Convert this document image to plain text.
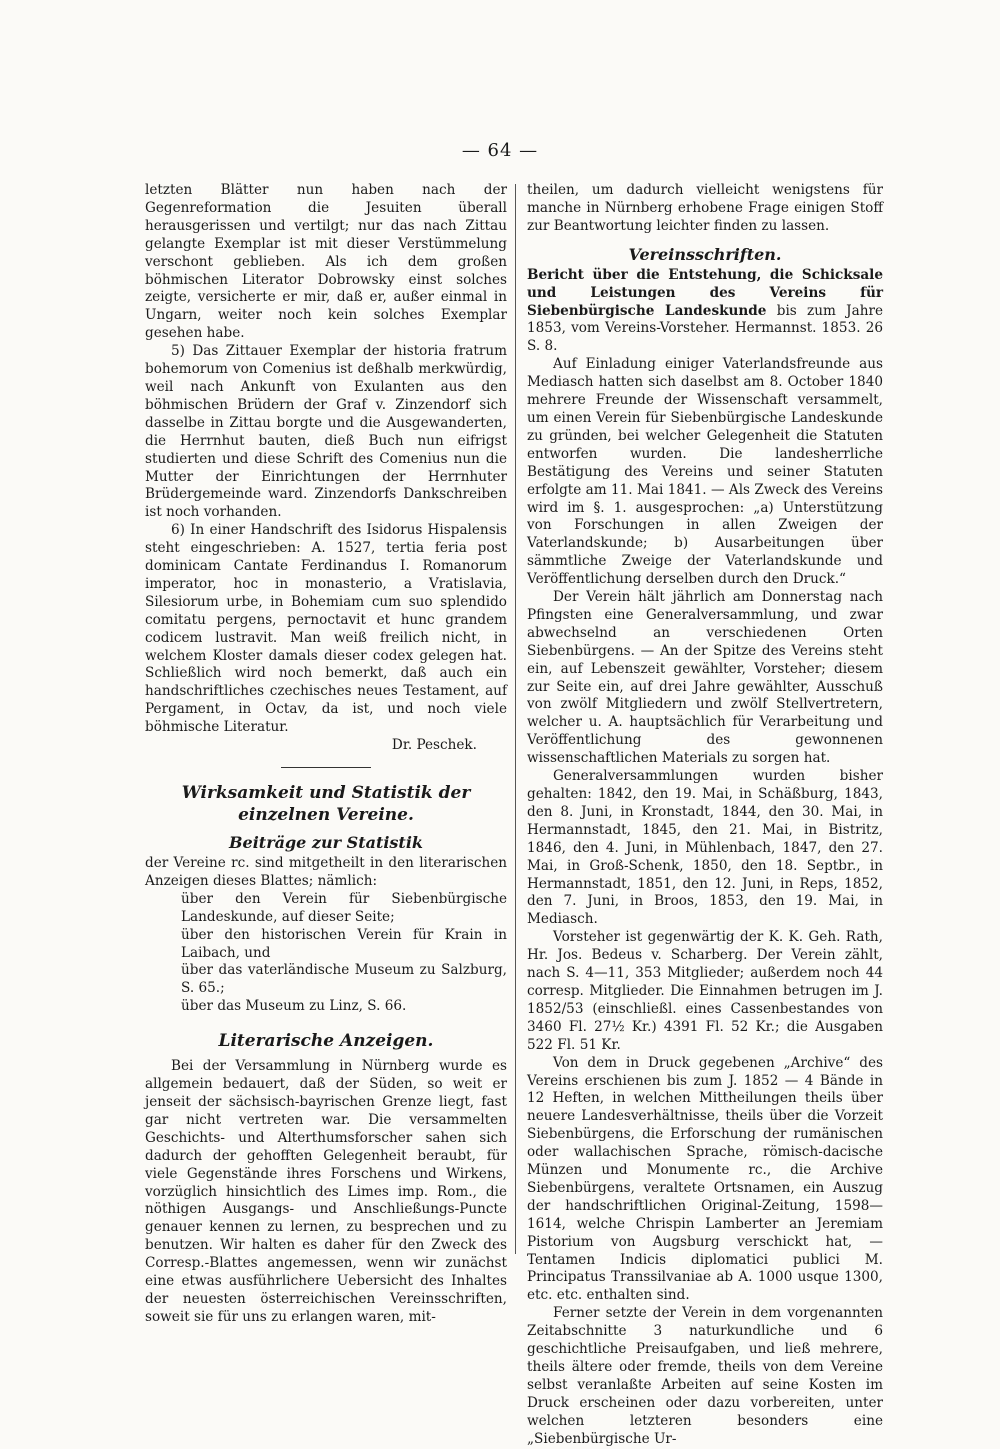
— 64 —

letzten Blätter nun haben nach der Gegenreformation die Jesuiten überall herausgerissen und vertilgt; nur das nach Zittau gelangte Exemplar ist mit dieser Verstümmelung verschont geblieben. Als ich dem großen böhmischen Literator Dobrowsky einst solches zeigte, versicherte er mir, daß er, außer einmal in Ungarn, weiter noch kein solches Exemplar gesehen habe.

5) Das Zittauer Exemplar der historia fratrum bohemorum von Comenius ist deßhalb merkwürdig, weil nach Ankunft von Exulanten aus den böhmischen Brüdern der Graf v. Zinzendorf sich dasselbe in Zittau borgte und die Ausgewanderten, die Herrnhut bauten, dieß Buch nun eifrigst studierten und diese Schrift des Comenius nun die Mutter der Einrichtungen der Herrnhuter Brüdergemeinde ward. Zinzendorfs Dankschreiben ist noch vorhanden.

6) In einer Handschrift des Isidorus Hispalensis steht eingeschrieben: A. 1527, tertia feria post dominicam Cantate Ferdinandus I. Romanorum imperator, hoc in monasterio, a Vratislavia, Silesiorum urbe, in Bohemiam cum suo splendido comitatu pergens, pernoctavit et hunc grandem codicem lustravit. Man weiß freilich nicht, in welchem Kloster damals dieser codex gelegen hat. Schließlich wird noch bemerkt, daß auch ein handschriftliches czechisches neues Testament, auf Pergament, in Octav, da ist, und noch viele böhmische Literatur.

Dr. Peschek.
Wirksamkeit und Statistik der einzelnen Vereine.
Beiträge zur Statistik

der Vereine rc. sind mitgetheilt in den literarischen Anzeigen dieses Blattes; nämlich:

über den Verein für Siebenbürgische Landeskunde, auf dieser Seite;

über den historischen Verein für Krain in Laibach, und

über das vaterländische Museum zu Salzburg, S. 65.;

über das Museum zu Linz, S. 66.

Literarische Anzeigen.

Bei der Versammlung in Nürnberg wurde es allgemein bedauert, daß der Süden, so weit er jenseit der sächsisch-bayrischen Grenze liegt, fast gar nicht vertreten war. Die versammelten Geschichts- und Alterthumsforscher sahen sich dadurch der gehofften Gelegenheit beraubt, für viele Gegenstände ihres Forschens und Wirkens, vorzüglich hinsichtlich des Limes imp. Rom., die nöthigen Ausgangs- und Anschließungs-Puncte genauer kennen zu lernen, zu besprechen und zu benutzen. Wir halten es daher für den Zweck des Corresp.-Blattes angemessen, wenn wir zunächst eine etwas ausführlichere Uebersicht des Inhaltes der neuesten österreichischen Vereinsschriften, soweit sie für uns zu erlangen waren, mit-

theilen, um dadurch vielleicht wenigstens für manche in Nürnberg erhobene Frage einigen Stoff zur Beantwortung leichter finden zu lassen.

Vereinsschriften.

Bericht über die Entstehung, die Schicksale und Leistungen des Vereins für Siebenbürgische Landeskunde bis zum Jahre 1853, vom Vereins-Vorsteher. Hermannst. 1853. 26 S. 8.

Auf Einladung einiger Vaterlandsfreunde aus Mediasch hatten sich daselbst am 8. October 1840 mehrere Freunde der Wissenschaft versammelt, um einen Verein für Siebenbürgische Landeskunde zu gründen, bei welcher Gelegenheit die Statuten entworfen wurden. Die landesherrliche Bestätigung des Vereins und seiner Statuten erfolgte am 11. Mai 1841. — Als Zweck des Vereins wird im §. 1. ausgesprochen: „a) Unterstützung von Forschungen in allen Zweigen der Vaterlandskunde; b) Ausarbeitungen über sämmtliche Zweige der Vaterlandskunde und Veröffentlichung derselben durch den Druck.“

Der Verein hält jährlich am Donnerstag nach Pfingsten eine Generalversammlung, und zwar abwechselnd an verschiedenen Orten Siebenbürgens. — An der Spitze des Vereins steht ein, auf Lebenszeit gewählter, Vorsteher; diesem zur Seite ein, auf drei Jahre gewählter, Ausschuß von zwölf Mitgliedern und zwölf Stellvertretern, welcher u. A. hauptsächlich für Verarbeitung und Veröffentlichung des gewonnenen wissenschaftlichen Materials zu sorgen hat.

Generalversammlungen wurden bisher gehalten: 1842, den 19. Mai, in Schäßburg, 1843, den 8. Juni, in Kronstadt, 1844, den 30. Mai, in Hermannstadt, 1845, den 21. Mai, in Bistritz, 1846, den 4. Juni, in Mühlenbach, 1847, den 27. Mai, in Groß-Schenk, 1850, den 18. Septbr., in Hermannstadt, 1851, den 12. Juni, in Reps, 1852, den 7. Juni, in Broos, 1853, den 19. Mai, in Mediasch.

Vorsteher ist gegenwärtig der K. K. Geh. Rath, Hr. Jos. Bedeus v. Scharberg. Der Verein zählt, nach S. 4—11, 353 Mitglieder; außerdem noch 44 corresp. Mitglieder. Die Einnahmen betrugen im J. 1852/53 (einschließl. eines Cassenbestandes von 3460 Fl. 27½ Kr.) 4391 Fl. 52 Kr.; die Ausgaben 522 Fl. 51 Kr.

Von dem in Druck gegebenen „Archive“ des Vereins erschienen bis zum J. 1852 — 4 Bände in 12 Heften, in welchen Mittheilungen theils über neuere Landesverhältnisse, theils über die Vorzeit Siebenbürgens, die Erforschung der rumänischen oder wallachischen Sprache, römisch-dacische Münzen und Monumente rc., die Archive Siebenbürgens, veraltete Ortsnamen, ein Auszug der handschriftlichen Original-Zeitung, 1598—1614, welche Chrispin Lamberter an Jeremiam Pistorium von Augsburg verschickt hat, — Tentamen Indicis diplomatici publici M. Principatus Transsilvaniae ab A. 1000 usque 1300, etc. etc. enthalten sind.

Ferner setzte der Verein in dem vorgenannten Zeitabschnitte 3 naturkundliche und 6 geschichtliche Preisaufgaben, und ließ mehrere, theils ältere oder fremde, theils von dem Vereine selbst veranlaßte Arbeiten auf seine Kosten im Druck erscheinen oder dazu vorbereiten, unter welchen letzteren besonders eine „Siebenbürgische Ur-
